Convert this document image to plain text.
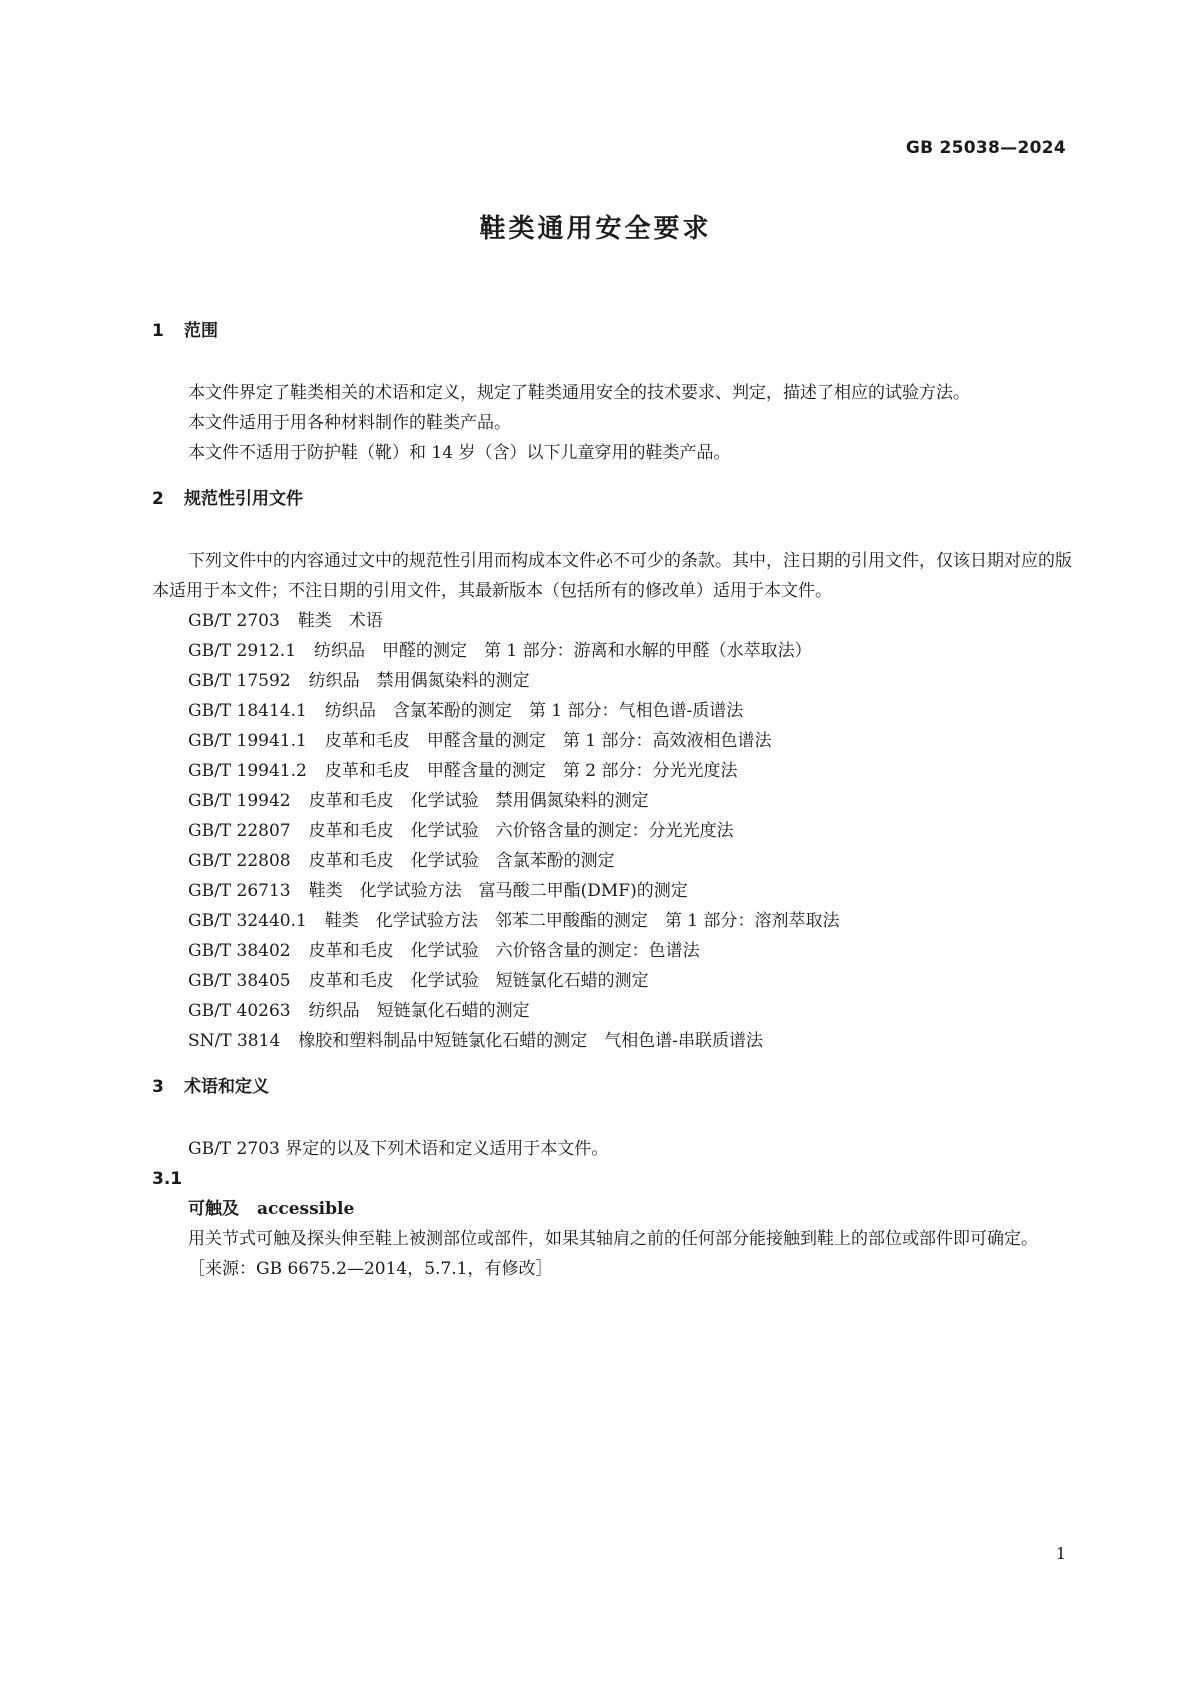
GB 25038—2024
鞋类通用安全要求
1 范围

本文件界定了鞋类相关的术语和定义，规定了鞋类通用安全的技术要求、判定，描述了相应的试验方法。

本文件适用于用各种材料制作的鞋类产品。

本文件不适用于防护鞋（靴）和 14 岁（含）以下儿童穿用的鞋类产品。

2 规范性引用文件

下列文件中的内容通过文中的规范性引用而构成本文件必不可少的条款。其中，注日期的引用文件，仅该日期对应的版本适用于本文件；不注日期的引用文件，其最新版本（包括所有的修改单）适用于本文件。

GB/T 2703 鞋类　术语
GB/T 2912.1 纺织品　甲醛的测定　第 1 部分：游离和水解的甲醛（水萃取法）
GB/T 17592 纺织品　禁用偶氮染料的测定
GB/T 18414.1 纺织品　含氯苯酚的测定　第 1 部分：气相色谱-质谱法
GB/T 19941.1 皮革和毛皮　甲醛含量的测定　第 1 部分：高效液相色谱法
GB/T 19941.2 皮革和毛皮　甲醛含量的测定　第 2 部分：分光光度法
GB/T 19942 皮革和毛皮　化学试验　禁用偶氮染料的测定
GB/T 22807 皮革和毛皮　化学试验　六价铬含量的测定：分光光度法
GB/T 22808 皮革和毛皮　化学试验　含氯苯酚的测定
GB/T 26713 鞋类　化学试验方法　富马酸二甲酯(DMF)的测定
GB/T 32440.1 鞋类　化学试验方法　邻苯二甲酸酯的测定　第 1 部分：溶剂萃取法
GB/T 38402 皮革和毛皮　化学试验　六价铬含量的测定：色谱法
GB/T 38405 皮革和毛皮　化学试验　短链氯化石蜡的测定
GB/T 40263 纺织品　短链氯化石蜡的测定
SN/T 3814 橡胶和塑料制品中短链氯化石蜡的测定　气相色谱-串联质谱法
3 术语和定义

GB/T 2703 界定的以及下列术语和定义适用于本文件。

3.1

可触及 accessible

用关节式可触及探头伸至鞋上被测部位或部件，如果其轴肩之前的任何部分能接触到鞋上的部位或部件即可确定。

［来源：GB 6675.2—2014，5.7.1，有修改］

1
